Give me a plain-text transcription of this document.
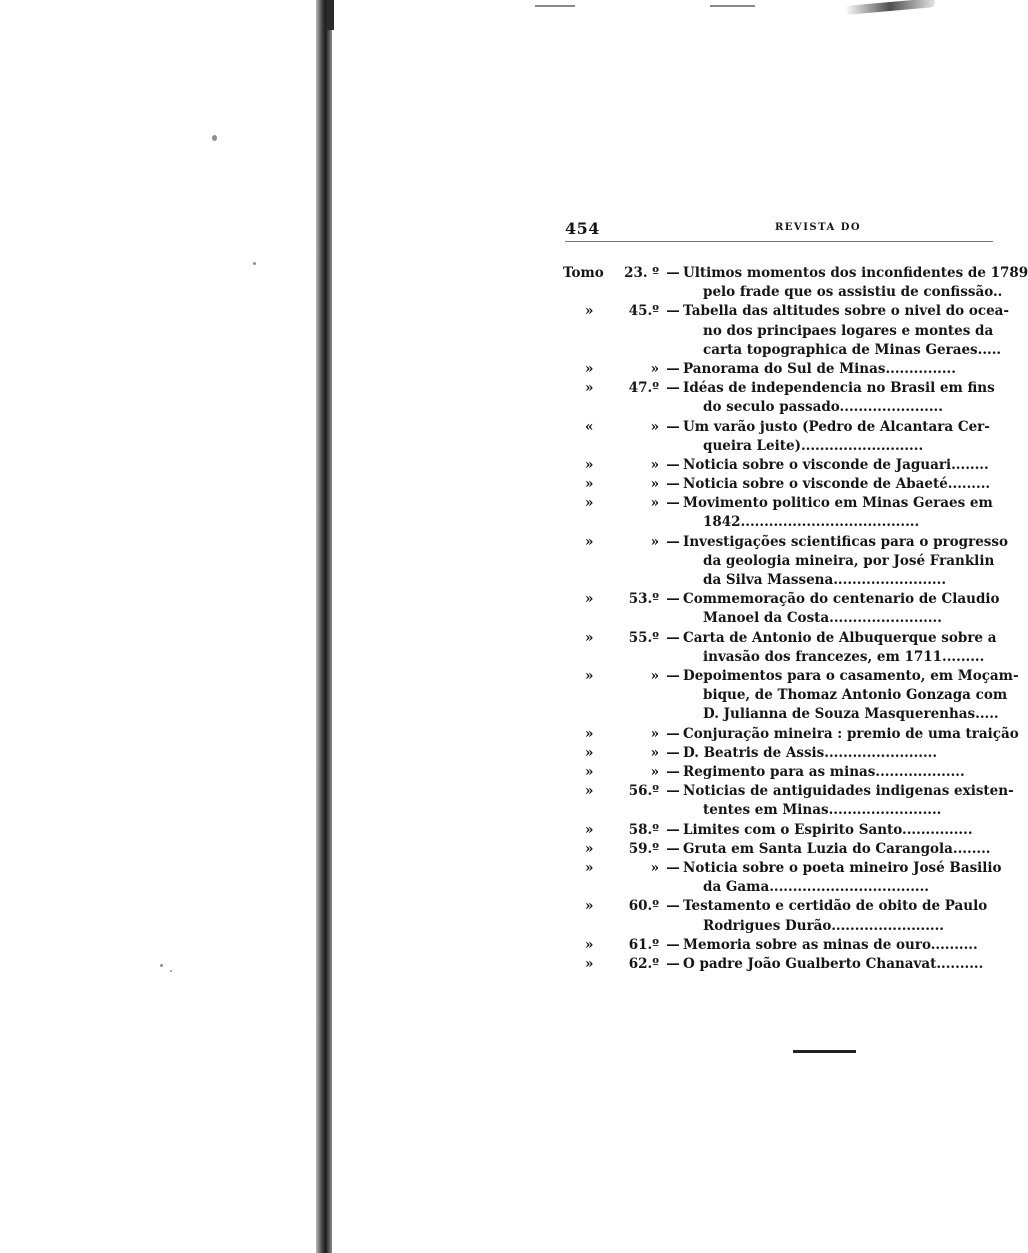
454	REVISTA DO
Tomo	23. º — Ultimos momentos dos inconfidentes de 1789
pelo frade que os assistiu de confissão..
»	45.º — Tabella das altitudes sobre o nivel do ocea-
no dos principaes logares e montes da
carta topographica de Minas Geraes.....
»	» — Panorama do Sul de Minas...............
»	47.º — Idéas de independencia no Brasil em fins
do seculo passado......................
«	» — Um varão justo (Pedro de Alcantara Cer-
queira Leite)..........................
»	» — Noticia sobre o visconde de Jaguari........
»	» — Noticia sobre o visconde de Abaeté.........
»	» — Movimento politico em Minas Geraes em
1842......................................
»	» — Investigações scientificas para o progresso
da geologia mineira, por José Franklin
da Silva Massena........................
»	53.º — Commemoração do centenario de Claudio
Manoel da Costa........................
»	55.º — Carta de Antonio de Albuquerque sobre a
invasão dos francezes, em 1711.........
»	» — Depoimentos para o casamento, em Moçam-
bique, de Thomaz Antonio Gonzaga com
D. Julianna de Souza Masquerenhas.....
»	» — Conjuração mineira : premio de uma traição
»	» — D. Beatris de Assis........................
»	» — Regimento para as minas...................
»	56.º — Noticias de antiguidades indigenas existen-
tentes em Minas........................
»	58.º — Limites com o Espirito Santo...............
»	59.º — Gruta em Santa Luzia do Carangola........
»	» — Noticia sobre o poeta mineiro José Basilio
da Gama..................................
»	60.º — Testamento e certidão de obito de Paulo
Rodrigues Durão........................
»	61.º — Memoria sobre as minas de ouro..........
»	62.º — O padre João Gualberto Chanavat..........
